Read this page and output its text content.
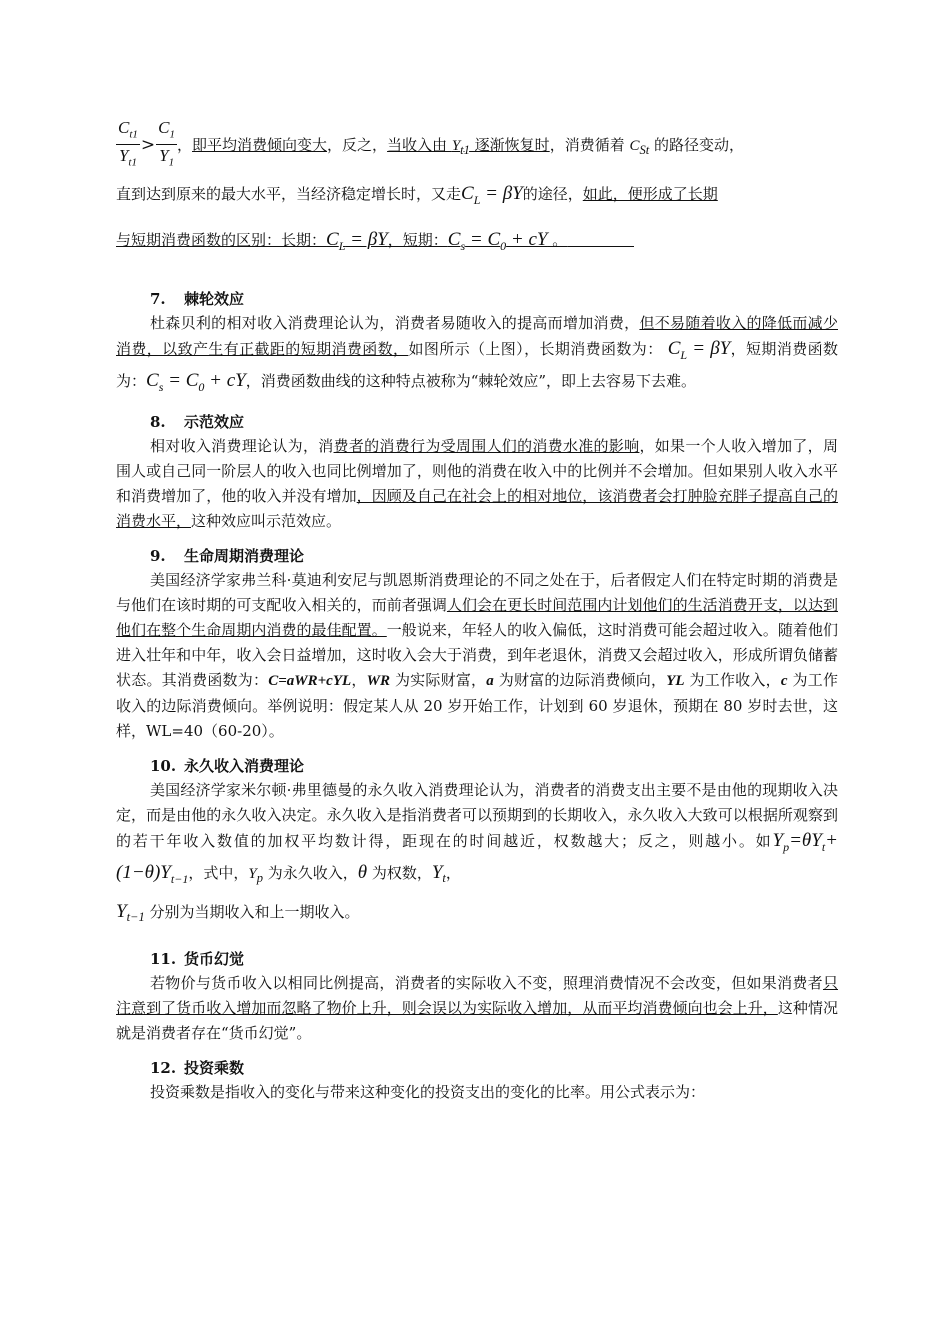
$\frac{C_{t1}}{Y_{t1}} > \frac{C_1}{Y_1}$ ，即平均消费倾向变大，反之，当收入由 $Y_{t1}$ 逐渐恢复时，消费循着 $C_{St}$ 的路径变动，

直到达到原来的最大水平，当经济稳定增长时，又走$C_L = \beta Y$的途径，如此，便形成了长期

与短期消费函数的区别：长期：$C_L = \beta Y$，短期：$C_s = C_0$ + cY 。

7. 棘轮效应

杜森贝利的相对收入消费理论认为，消费者易随收入的提高而增加消费，但不易随着收入的降低而减少消费，以致产生有正截距的短期消费函数，如图所示（上图），长期消费函数为： $C_L = \beta Y$，短期消费函数为：$C_s = C_0$ + cY，消费函数曲线的这种特点被称为“棘轮效应”，即上去容易下去难。

8. 示范效应

相对收入消费理论认为，消费者的消费行为受周围人们的消费水准的影响，如果一个人收入增加了，周围人或自己同一阶层人的收入也同比例增加了，则他的消费在收入中的比例并不会增加。但如果别人收入水平和消费增加了，他的收入并没有增加，因顾及自己在社会上的相对地位，该消费者会打肿脸充胖子提高自己的消费水平，这种效应叫示范效应。

9. 生命周期消费理论

美国经济学家弗兰科·莫迪利安尼与凯恩斯消费理论的不同之处在于，后者假定人们在特定时期的消费是与他们在该时期的可支配收入相关的，而前者强调人们会在更长时间范围内计划他们的生活消费开支，以达到他们在整个生命周期内消费的最佳配置。一般说来，年轻人的收入偏低，这时消费可能会超过收入。随着他们进入壮年和中年，收入会日益增加，这时收入会大于消费，到年老退休，消费又会超过收入，形成所谓负储蓄状态。其消费函数为：C=aWR+cYL，WR 为实际财富，a 为财富的边际消费倾向，YL 为工作收入，c 为工作收入的边际消费倾向。举例说明：假定某人从 20 岁开始工作，计划到 60 岁退休，预期在 80 岁时去世，这样，WL=40（60-20）。

10. 永久收入消费理论

美国经济学家米尔顿·弗里德曼的永久收入消费理论认为，消费者的消费支出主要不是由他的现期收入决定，而是由他的永久收入决定。永久收入是指消费者可以预期到的长期收入，永久收入大致可以根据所观察到的若干年收入数值的加权平均数计得，距现在的时间越近，权数越大；反之，则越小。如$Y_p=\theta Y_t+(1-\theta)Y_{t-1}$，式中，$Y_p$ 为永久收入，θ 为权数，$Y_t$，

$Y_{t-1}$ 分别为当期收入和上一期收入。

11. 货币幻觉

若物价与货币收入以相同比例提高，消费者的实际收入不变，照理消费情况不会改变，但如果消费者只注意到了货币收入增加而忽略了物价上升，则会误以为实际收入增加，从而平均消费倾向也会上升，这种情况就是消费者存在“货币幻觉”。

12. 投资乘数

投资乘数是指收入的变化与带来这种变化的投资支出的变化的比率。用公式表示为：
